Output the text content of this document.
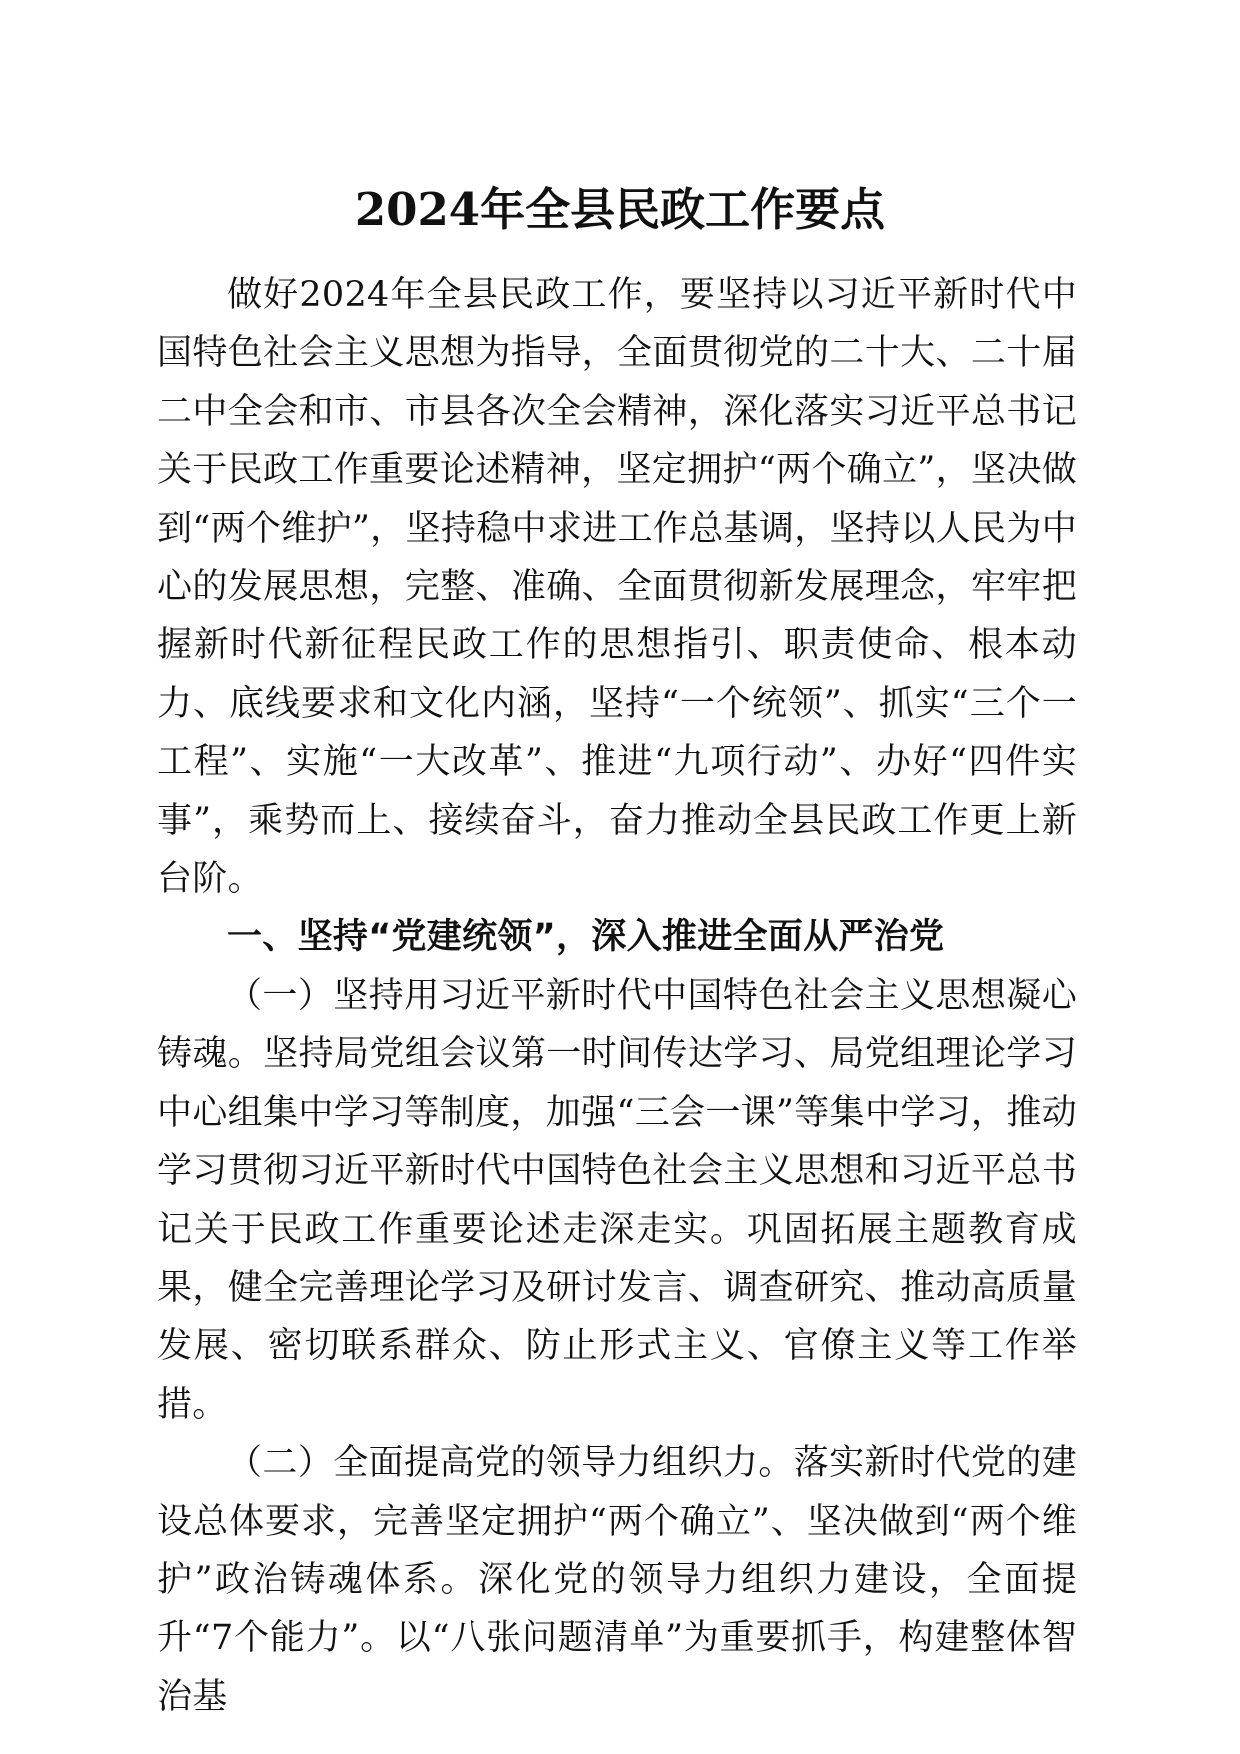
2024年全县民政工作要点

做好2024年全县民政工作，要坚持以习近平新时代中国特色社会主义思想为指导，全面贯彻党的二十大、二十届二中全会和市、市县各次全会精神，深化落实习近平总书记关于民政工作重要论述精神，坚定拥护“两个确立”，坚决做到“两个维护”，坚持稳中求进工作总基调，坚持以人民为中心的发展思想，完整、准确、全面贯彻新发展理念，牢牢把握新时代新征程民政工作的思想指引、职责使命、根本动力、底线要求和文化内涵，坚持“一个统领”、抓实“三个一工程”、实施“一大改革”、推进“九项行动”、办好“四件实事”，乘势而上、接续奋斗，奋力推动全县民政工作更上新台阶。

一、坚持“党建统领”，深入推进全面从严治党

（一）坚持用习近平新时代中国特色社会主义思想凝心铸魂。坚持局党组会议第一时间传达学习、局党组理论学习中心组集中学习等制度，加强“三会一课”等集中学习，推动学习贯彻习近平新时代中国特色社会主义思想和习近平总书记关于民政工作重要论述走深走实。巩固拓展主题教育成果，健全完善理论学习及研讨发言、调查研究、推动高质量发展、密切联系群众、防止形式主义、官僚主义等工作举措。

（二）全面提高党的领导力组织力。落实新时代党的建设总体要求，完善坚定拥护“两个确立”、坚决做到“两个维护”政治铸魂体系。深化党的领导力组织力建设，全面提升“7个能力”。以“八张问题清单”为重要抓手，构建整体智治基
